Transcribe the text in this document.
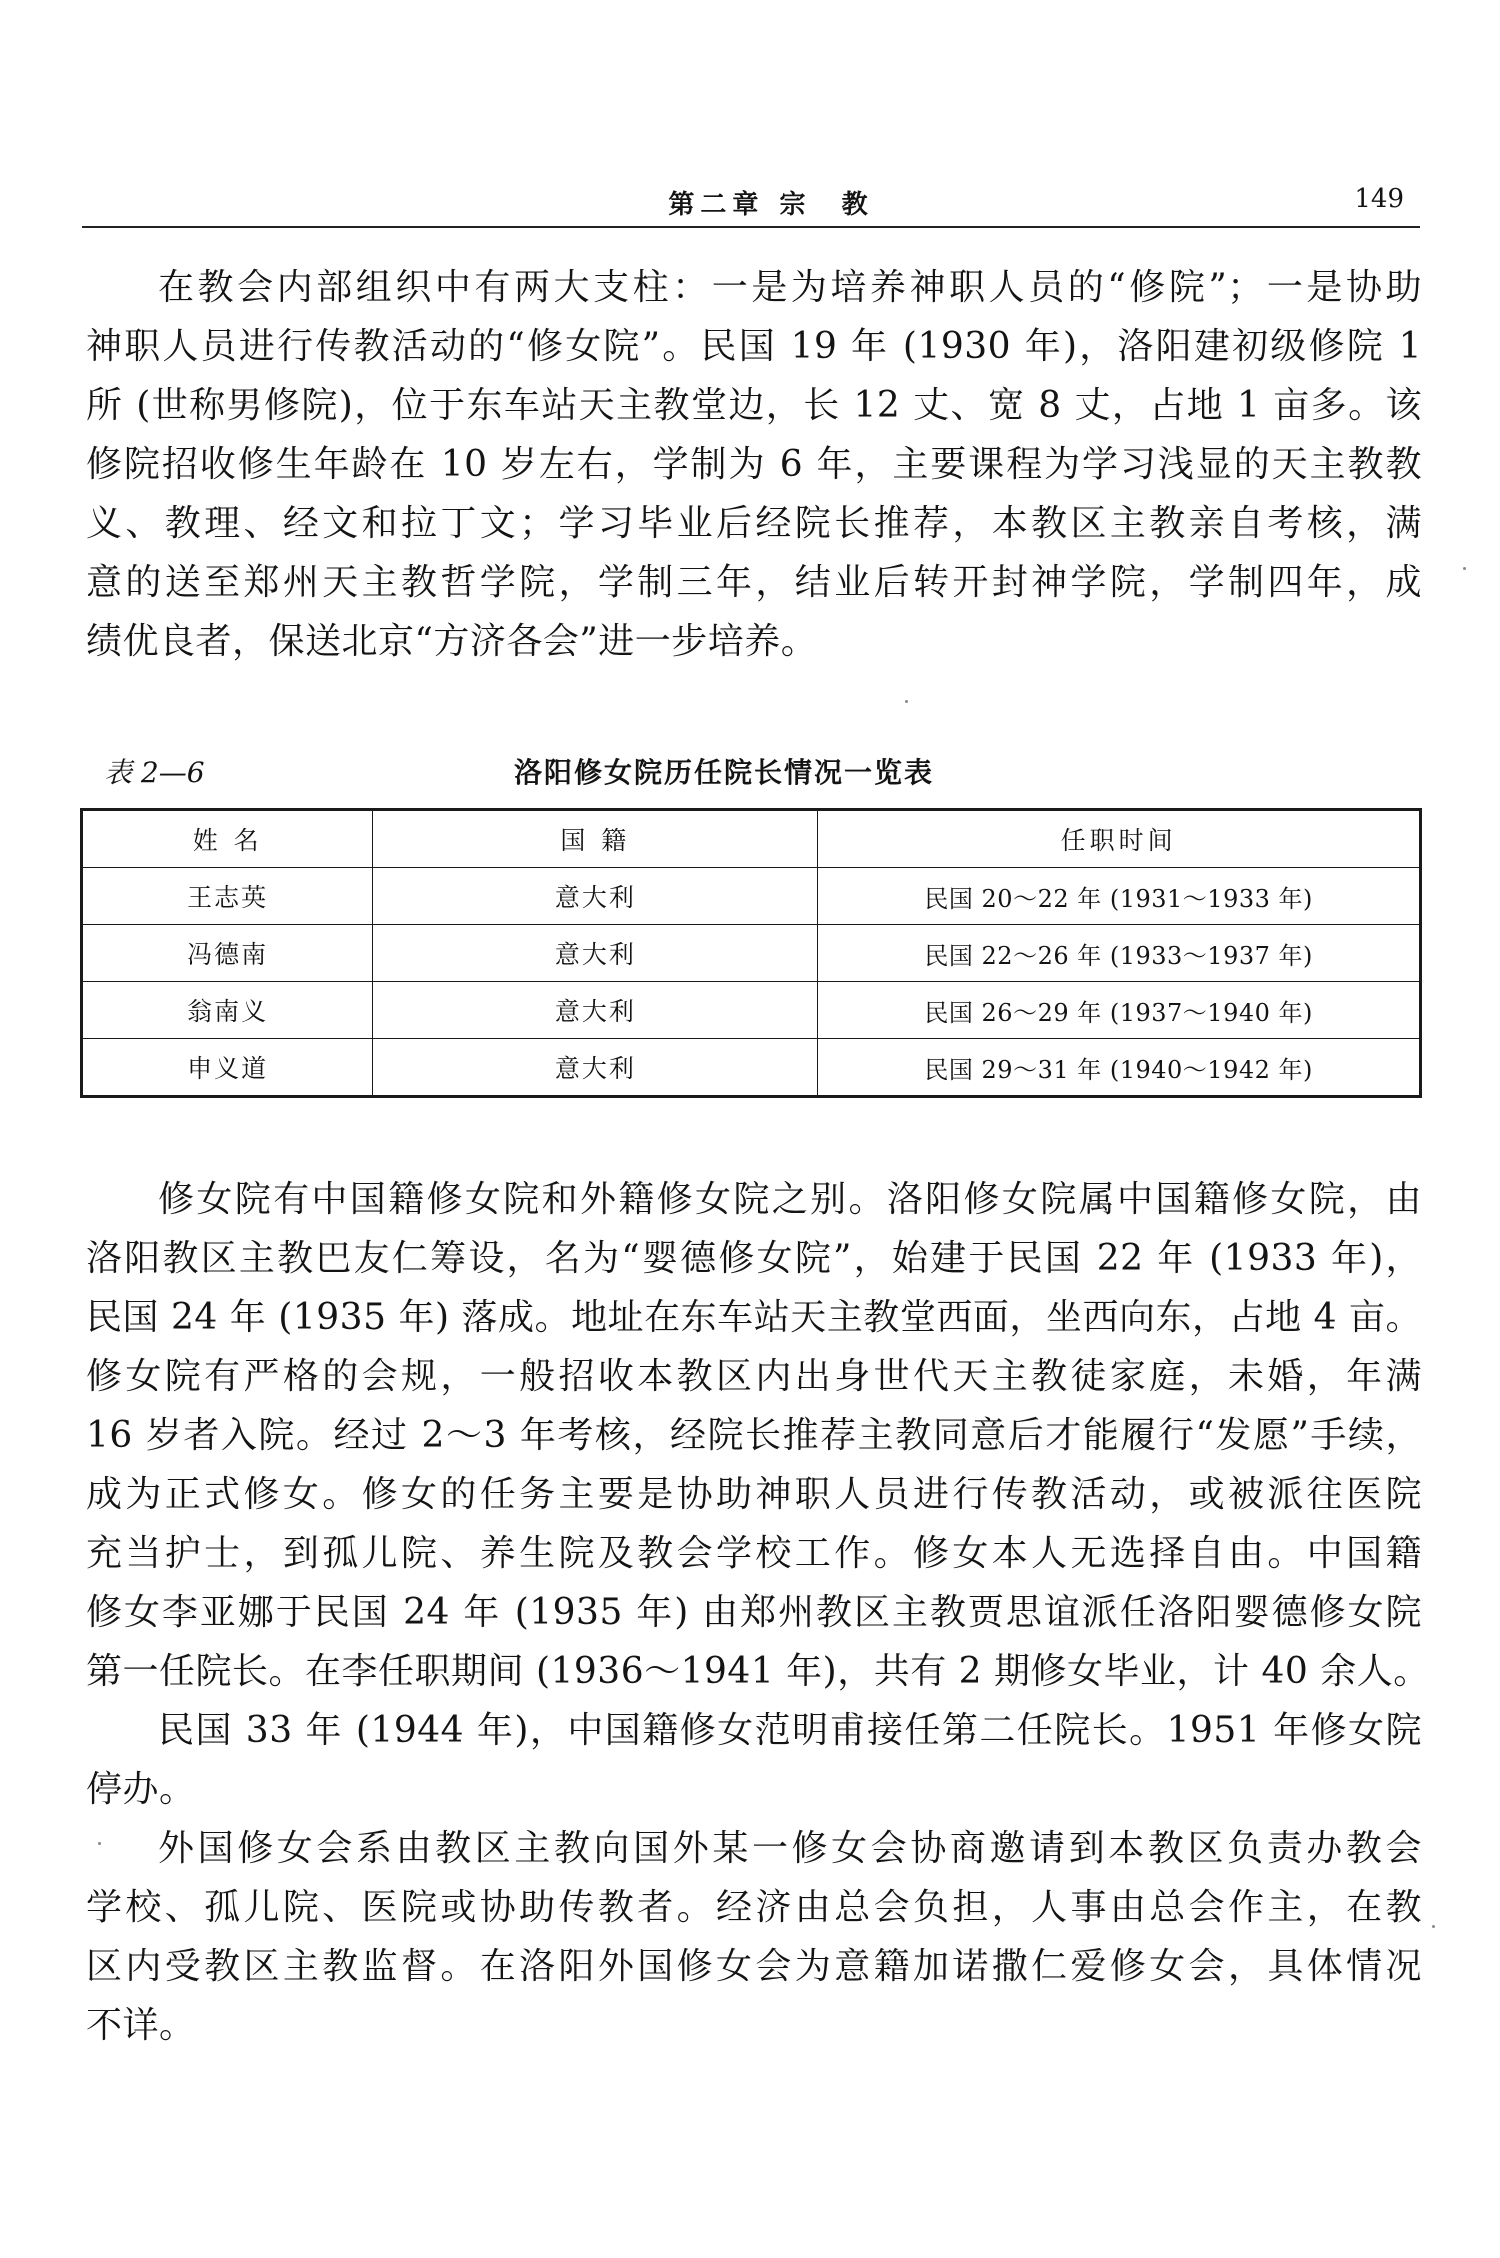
第二章 宗  教	149
在教会内部组织中有两大支柱：一是为培养神职人员的“修院”；一是协助
神职人员进行传教活动的“修女院”。民国 19 年 (1930 年)，洛阳建初级修院 1
所 (世称男修院)，位于东车站天主教堂边，长 12 丈、宽 8 丈，占地 1 亩多。该
修院招收修生年龄在 10 岁左右，学制为 6 年，主要课程为学习浅显的天主教教
义、教理、经文和拉丁文；学习毕业后经院长推荐，本教区主教亲自考核，满
意的送至郑州天主教哲学院，学制三年，结业后转开封神学院，学制四年，成
绩优良者，保送北京“方济各会”进一步培养。
表 2—6	洛阳修女院历任院长情况一览表
姓 名	国 籍	任职时间
王志英	意大利	民国 20～22 年 (1931～1933 年)
冯德南	意大利	民国 22～26 年 (1933～1937 年)
翁南义	意大利	民国 26～29 年 (1937～1940 年)
申义道	意大利	民国 29～31 年 (1940～1942 年)
修女院有中国籍修女院和外籍修女院之别。洛阳修女院属中国籍修女院，由
洛阳教区主教巴友仁筹设，名为“婴德修女院”，始建于民国 22 年 (1933 年)，
民国 24 年 (1935 年) 落成。地址在东车站天主教堂西面，坐西向东，占地 4 亩。
修女院有严格的会规，一般招收本教区内出身世代天主教徒家庭，未婚，年满
16 岁者入院。经过 2～3 年考核，经院长推荐主教同意后才能履行“发愿”手续，
成为正式修女。修女的任务主要是协助神职人员进行传教活动，或被派往医院
充当护士，到孤儿院、养生院及教会学校工作。修女本人无选择自由。中国籍
修女李亚娜于民国 24 年 (1935 年) 由郑州教区主教贾思谊派任洛阳婴德修女院
第一任院长。在李任职期间 (1936～1941 年)，共有 2 期修女毕业，计 40 余人。
民国 33 年 (1944 年)，中国籍修女范明甫接任第二任院长。1951 年修女院
停办。
外国修女会系由教区主教向国外某一修女会协商邀请到本教区负责办教会
学校、孤儿院、医院或协助传教者。经济由总会负担，人事由总会作主，在教
区内受教区主教监督。在洛阳外国修女会为意籍加诺撒仁爱修女会，具体情况
不详。
